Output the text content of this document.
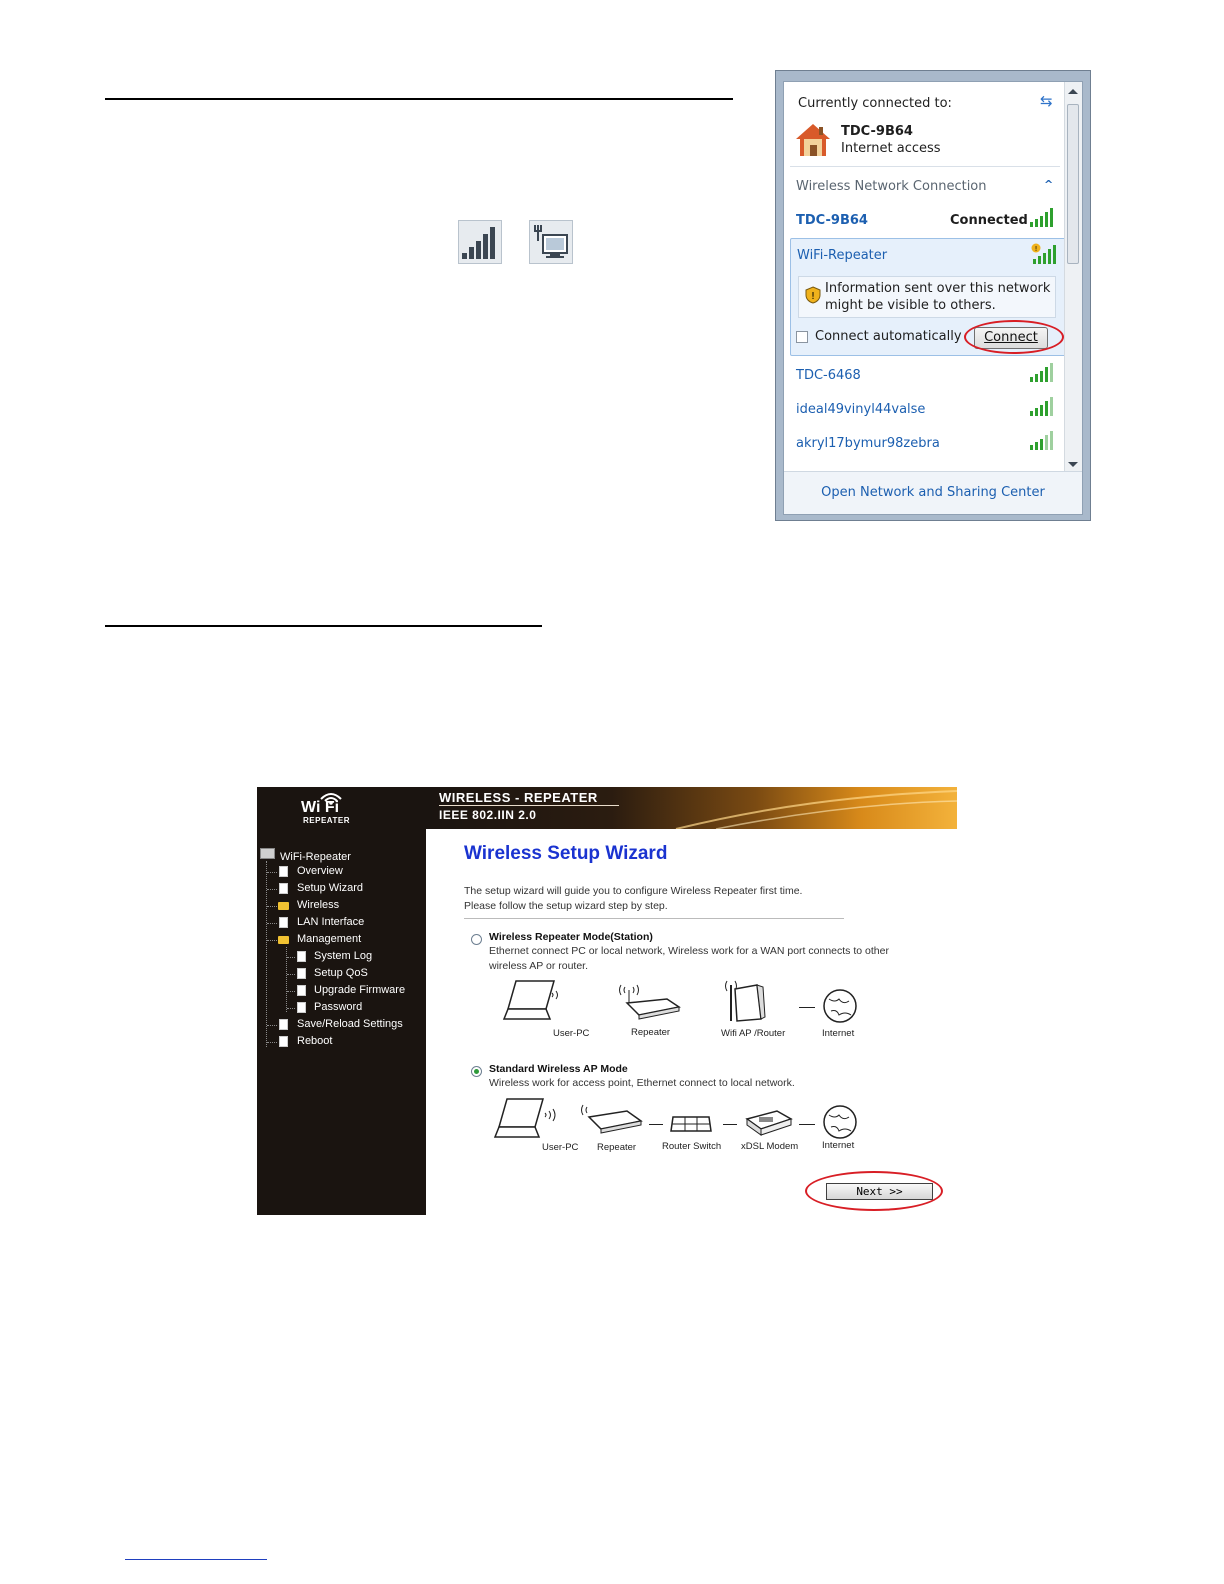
Currently connected to:	⇆
TDC-9B64
Internet access
Wireless Network Connection	^
TDC-9B64	Connected
WiFi-Repeater	!
!
Information sent over this network
might be visible to others.
Connect automatically	Connect
TDC-6468
ideal49vinyl44valse
akryl17bymur98zebra
Open Network and Sharing Center
Wi Fi
REPEATER
WIRELESS - REPEATER
IEEE 802.IIN 2.0
WiFi-Repeater
Overview
Setup Wizard
Wireless
LAN Interface
Management
System Log
Setup QoS
Upgrade Firmware
Password
Save/Reload Settings
Reboot
Wireless Setup Wizard
The setup wizard will guide you to configure Wireless Repeater first time.
Please follow the setup wizard step by step.
Wireless Repeater Mode(Station)
Ethernet connect PC or local network, Wireless work for a WAN port connects to other
wireless AP or router.
User-PC	Repeater	Wifi AP /Router	Internet
Standard Wireless AP Mode
Wireless work for access point, Ethernet connect to local network.
User-PC Repeater	Router Switch xDSL Modem	Internet
Next >>
